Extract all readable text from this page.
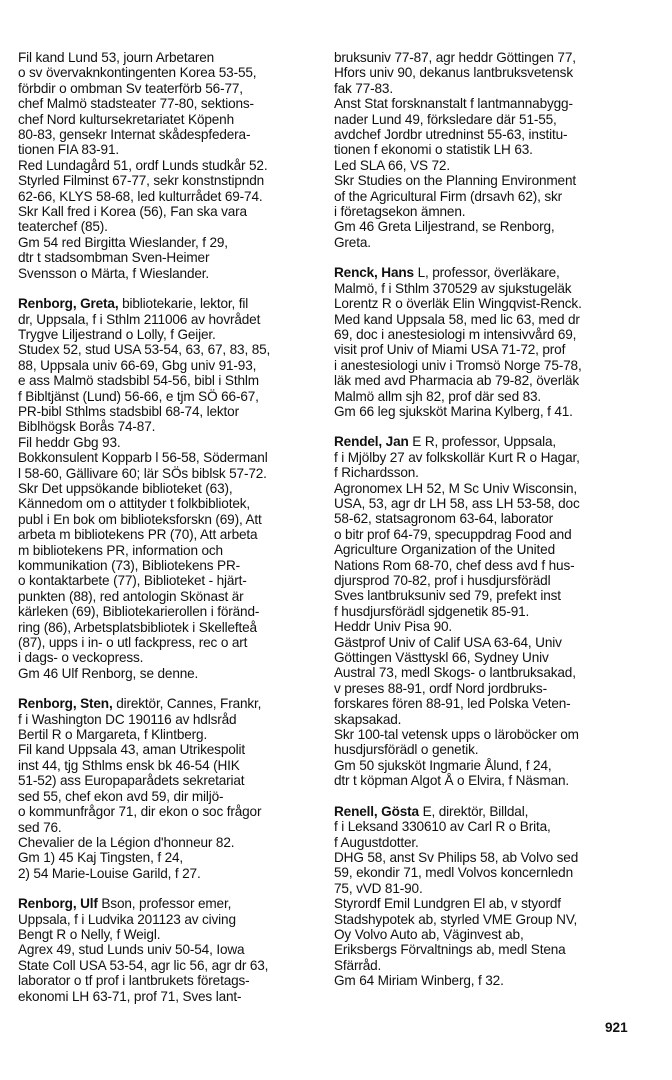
Fil kand Lund 53, journ Arbetaren
o sv övervaknkontingenten Korea 53-55,
förbdir o ombman Sv teaterförb 56-77,
chef Malmö stadsteater 77-80, sektions-
chef Nord kultursekretariatet Köpenh
80-83, gensekr Internat skådespfedera-
tionen FIA 83-91.
Red Lundagård 51, ordf Lunds studkår 52.
Styrled Filminst 67-77, sekr konstnstipndn
62-66, KLYS 58-68, led kulturrådet 69-74.
Skr Kall fred i Korea (56), Fan ska vara
teaterchef (85).
Gm 54 red Birgitta Wieslander, f 29,
dtr t stadsombman Sven-Heimer
Svensson o Märta, f Wieslander.
Renborg, Greta, bibliotekarie, lektor, fil
dr, Uppsala, f i Sthlm 211006 av hovrådet
Trygve Liljestrand o Lolly, f Geijer.
Studex 52, stud USA 53-54, 63, 67, 83, 85,
88, Uppsala univ 66-69, Gbg univ 91-93,
e ass Malmö stadsbibl 54-56, bibl i Sthlm
f Bibltjänst (Lund) 56-66, e tjm SÖ 66-67,
PR-bibl Sthlms stadsbibl 68-74, lektor
Biblhögsk Borås 74-87.
Fil heddr Gbg 93.
Bokkonsulent Kopparb l 56-58, Södermanl
l 58-60, Gällivare 60; lär SÖs biblsk 57-72.
Skr Det uppsökande biblioteket (63),
Kännedom om o attityder t folkbibliotek,
publ i En bok om biblioteksforskn (69), Att
arbeta m bibliotekens PR (70), Att arbeta
m bibliotekens PR, information och
kommunikation (73), Bibliotekens PR-
o kontaktarbete (77), Biblioteket - hjärt-
punkten (88), red antologin Skönast är
kärleken (69), Bibliotekarierollen i föränd-
ring (86), Arbetsplatsbibliotek i Skellefteå
(87), upps i in- o utl fackpress, rec o art
i dags- o veckopress.
Gm 46 Ulf Renborg, se denne.
Renborg, Sten, direktör, Cannes, Frankr,
f i Washington DC 190116 av hdlsråd
Bertil R o Margareta, f Klintberg.
Fil kand Uppsala 43, aman Utrikespolit
inst 44, tjg Sthlms ensk bk 46-54 (HIK
51-52) ass Europaparådets sekretariat
sed 55, chef ekon avd 59, dir miljö-
o kommunfrågor 71, dir ekon o soc frågor
sed 76.
Chevalier de la Légion d'honneur 82.
Gm 1) 45 Kaj Tingsten, f 24,
2) 54 Marie-Louise Garild, f 27.
Renborg, Ulf Bson, professor emer,
Uppsala, f i Ludvika 201123 av civing
Bengt R o Nelly, f Weigl.
Agrex 49, stud Lunds univ 50-54, Iowa
State Coll USA 53-54, agr lic 56, agr dr 63,
laborator o tf prof i lantbrukets företags-
ekonomi LH 63-71, prof 71, Sves lant-
bruksuniv 77-87, agr heddr Göttingen 77,
Hfors univ 90, dekanus lantbruksvetensk
fak 77-83.
Anst Stat forsknanstalt f lantmannabygg-
nader Lund 49, förksledare där 51-55,
avdchef Jordbr utredninst 55-63, institu-
tionen f ekonomi o statistik LH 63.
Led SLA 66, VS 72.
Skr Studies on the Planning Environment
of the Agricultural Firm (drsavh 62), skr
i företagsekon ämnen.
Gm 46 Greta Liljestrand, se Renborg,
Greta.
Renck, Hans L, professor, överläkare,
Malmö, f i Sthlm 370529 av sjukstugeläk
Lorentz R o överläk Elin Wingqvist-Renck.
Med kand Uppsala 58, med lic 63, med dr
69, doc i anestesiologi m intensivvård 69,
visit prof Univ of Miami USA 71-72, prof
i anestesiologi univ i Tromsö Norge 75-78,
läk med avd Pharmacia ab 79-82, överläk
Malmö allm sjh 82, prof där sed 83.
Gm 66 leg sjuksköt Marina Kylberg, f 41.
Rendel, Jan E R, professor, Uppsala,
f i Mjölby 27 av folkskollär Kurt R o Hagar,
f Richardsson.
Agronomex LH 52, M Sc Univ Wisconsin,
USA, 53, agr dr LH 58, ass LH 53-58, doc
58-62, statsagronom 63-64, laborator
o bitr prof 64-79, specuppdrag Food and
Agriculture Organization of the United
Nations Rom 68-70, chef dess avd f hus-
djursprod 70-82, prof i husdjursförädl
Sves lantbruksuniv sed 79, prefekt inst
f husdjursförädl sjdgenetik 85-91.
Heddr Univ Pisa 90.
Gästprof Univ of Calif USA 63-64, Univ
Göttingen Västtyskl 66, Sydney Univ
Austral 73, medl Skogs- o lantbruksakad,
v preses 88-91, ordf Nord jordbruks-
forskares fören 88-91, led Polska Veten-
skapsakad.
Skr 100-tal vetensk upps o läroböcker om
husdjursförädl o genetik.
Gm 50 sjuksköt Ingmarie Ålund, f 24,
dtr t köpman Algot Å o Elvira, f Näsman.
Renell, Gösta E, direktör, Billdal,
f i Leksand 330610 av Carl R o Brita,
f Augustdotter.
DHG 58, anst Sv Philips 58, ab Volvo sed
59, ekondir 71, medl Volvos koncernledn
75, vVD 81-90.
Styrordf Emil Lundgren El ab, v styordf
Stadshypotek ab, styrled VME Group NV,
Oy Volvo Auto ab, Väginvest ab,
Eriksbergs Förvaltnings ab, medl Stena
Sfärråd.
Gm 64 Miriam Winberg, f 32.
921
